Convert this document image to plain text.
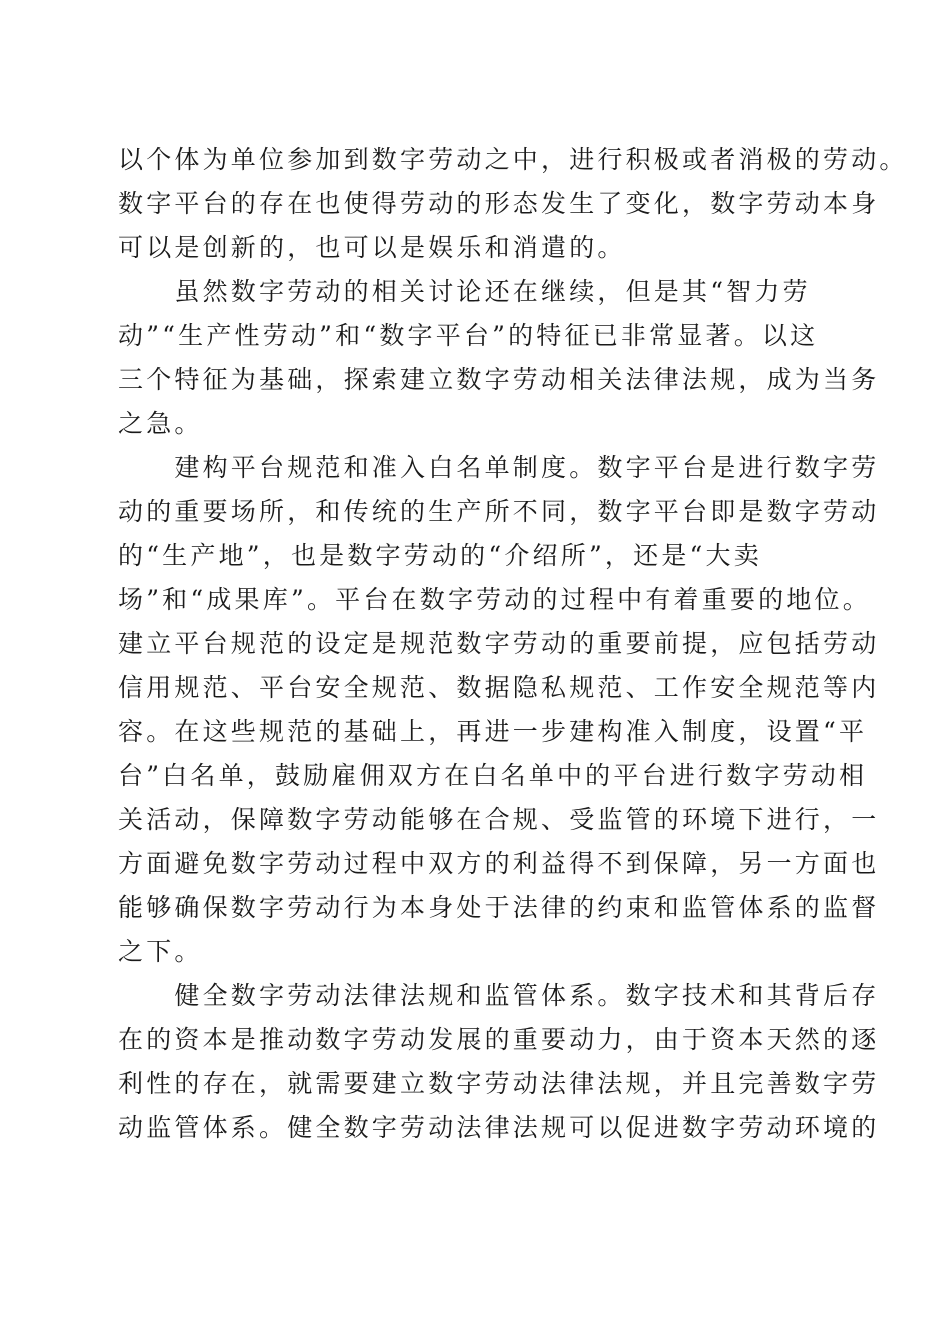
以个体为单位参加到数字劳动之中，进行积极或者消极的劳动。

数字平台的存在也使得劳动的形态发生了变化，数字劳动本身

可以是创新的，也可以是娱乐和消遣的。

　　虽然数字劳动的相关讨论还在继续，但是其“智力劳

动”“生产性劳动”和“数字平台”的特征已非常显著。以这

三个特征为基础，探索建立数字劳动相关法律法规，成为当务

之急。

　　建构平台规范和准入白名单制度。数字平台是进行数字劳

动的重要场所，和传统的生产所不同，数字平台即是数字劳动

的“生产地”，也是数字劳动的“介绍所”，还是“大卖

场”和“成果库”。平台在数字劳动的过程中有着重要的地位。

建立平台规范的设定是规范数字劳动的重要前提，应包括劳动

信用规范、平台安全规范、数据隐私规范、工作安全规范等内

容。在这些规范的基础上，再进一步建构准入制度，设置“平

台”白名单，鼓励雇佣双方在白名单中的平台进行数字劳动相

关活动，保障数字劳动能够在合规、受监管的环境下进行，一

方面避免数字劳动过程中双方的利益得不到保障，另一方面也

能够确保数字劳动行为本身处于法律的约束和监管体系的监督

之下。

　　健全数字劳动法律法规和监管体系。数字技术和其背后存

在的资本是推动数字劳动发展的重要动力，由于资本天然的逐

利性的存在，就需要建立数字劳动法律法规，并且完善数字劳

动监管体系。健全数字劳动法律法规可以促进数字劳动环境的
